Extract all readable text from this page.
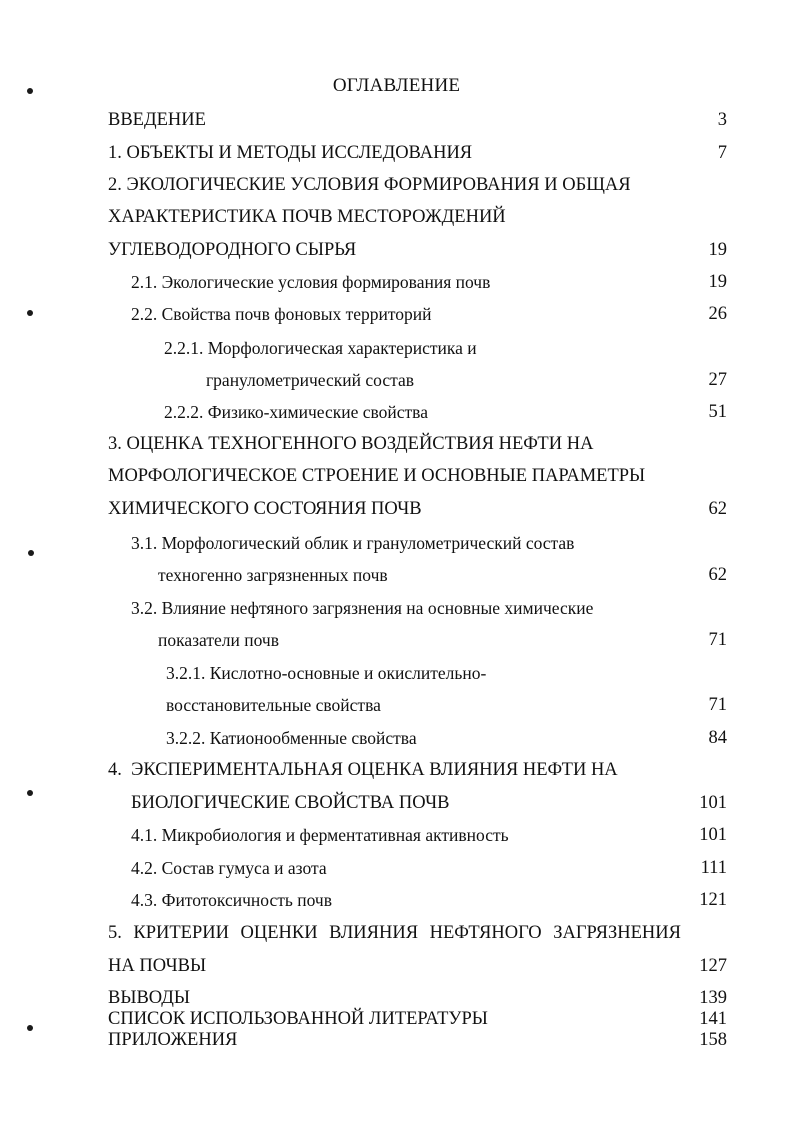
ОГЛАВЛЕНИЕ
ВВЕДЕНИЕ	3
1. ОБЪЕКТЫ И МЕТОДЫ ИССЛЕДОВАНИЯ	7
2. ЭКОЛОГИЧЕСКИЕ УСЛОВИЯ ФОРМИРОВАНИЯ И ОБЩАЯ
ХАРАКТЕРИСТИКА ПОЧВ МЕСТОРОЖДЕНИЙ
УГЛЕВОДОРОДНОГО СЫРЬЯ	19
2.1. Экологические условия формирования почв	19
2.2. Свойства почв фоновых территорий	26
2.2.1. Морфологическая характеристика и
гранулометрический состав	27
2.2.2. Физико-химические свойства	51
3. ОЦЕНКА ТЕХНОГЕННОГО ВОЗДЕЙСТВИЯ НЕФТИ НА
МОРФОЛОГИЧЕСКОЕ СТРОЕНИЕ И ОСНОВНЫЕ ПАРАМЕТРЫ
ХИМИЧЕСКОГО СОСТОЯНИЯ ПОЧВ	62
3.1. Морфологический облик и гранулометрический состав
техногенно загрязненных почв	62
3.2. Влияние нефтяного загрязнения на основные химические
показатели почв	71
3.2.1. Кислотно-основные и окислительно-
восстановительные свойства	71
3.2.2. Катионообменные свойства	84
4.  ЭКСПЕРИМЕНТАЛЬНАЯ ОЦЕНКА ВЛИЯНИЯ НЕФТИ НА
БИОЛОГИЧЕСКИЕ СВОЙСТВА ПОЧВ	101
4.1. Микробиология и ферментативная активность	101
4.2. Состав гумуса и азота	111
4.3. Фитотоксичность почв	121
5. КРИТЕРИИ ОЦЕНКИ ВЛИЯНИЯ НЕФТЯНОГО ЗАГРЯЗНЕНИЯ
НА ПОЧВЫ	127
ВЫВОДЫ	139
СПИСОК ИСПОЛЬЗОВАННОЙ ЛИТЕРАТУРЫ	141
ПРИЛОЖЕНИЯ	158
